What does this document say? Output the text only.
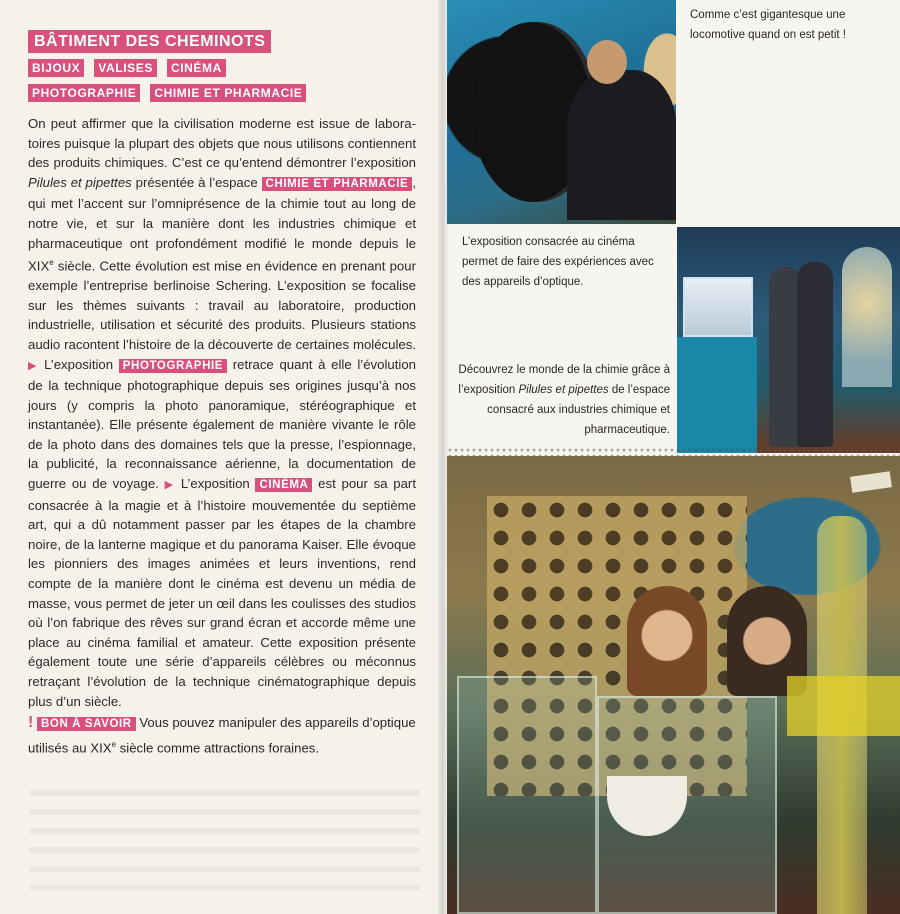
BÂTIMENT DES CHEMINOTS
BIJOUX	VALISES	CINÉMA
PHOTOGRAPHIE	CHIMIE ET PHARMACIE

On peut affirmer que la civilisation moderne est issue de laboratoires puisque la plupart des objets que nous utilisons contiennent des produits chimiques. C’est ce qu’entend démontrer l’exposition Pilules et pipettes présentée à l’espace CHIMIE ET PHARMACIE , qui met l’accent sur l’omniprésence de la chimie tout au long de notre vie, et sur la manière dont les industries chimique et pharmaceutique ont profondément modifié le monde depuis le XIXe siècle. Cette évolution est mise en évidence en prenant pour exemple l’entreprise berlinoise Schering. L’exposition se focalise sur les thèmes suivants : travail au laboratoire, production industrielle, utilisation et sécurité des produits. Plusieurs stations audio racontent l’histoire de la découverte de certaines molécules. ▶ L’exposition PHOTOGRAPHIE retrace quant à elle l’évolution de la technique photographique depuis ses origines jusqu’à nos jours (y compris la photo panoramique, stéréographique et instantanée). Elle présente également de manière vivante le rôle de la photo dans des domaines tels que la presse, l’espionnage, la publicité, la reconnaissance aérienne, la documentation de guerre ou de voyage. ▶ L’exposition CINÉMA est pour sa part consacrée à la magie et à l’histoire mouvementée du septième art, qui a dû notamment passer par les étapes de la chambre noire, de la lanterne magique et du panorama Kaiser. Elle évoque les pionniers des images animées et leurs inventions, rend compte de la manière dont le cinéma est devenu un média de masse, vous permet de jeter un œil dans les coulisses des studios où l’on fabrique des rêves sur grand écran et accorde même une place au cinéma familial et amateur. Cette exposition présente également toute une série d’appareils célèbres ou méconnus retraçant l’évolution de la technique cinématographique depuis plus d’un siècle.

! BON À SAVOIR Vous pouvez manipuler des appareils d’optique utilisés au XIXe siècle comme attractions foraines.

Comme c’est gigantesque une locomotive quand on est petit !
L’exposition consacrée au cinéma permet de faire des expériences avec des appareils d’optique.
Découvrez le monde de la chimie grâce à l’exposition Pilules et pipettes de l’espace consacré aux industries chimique et pharmaceutique.
